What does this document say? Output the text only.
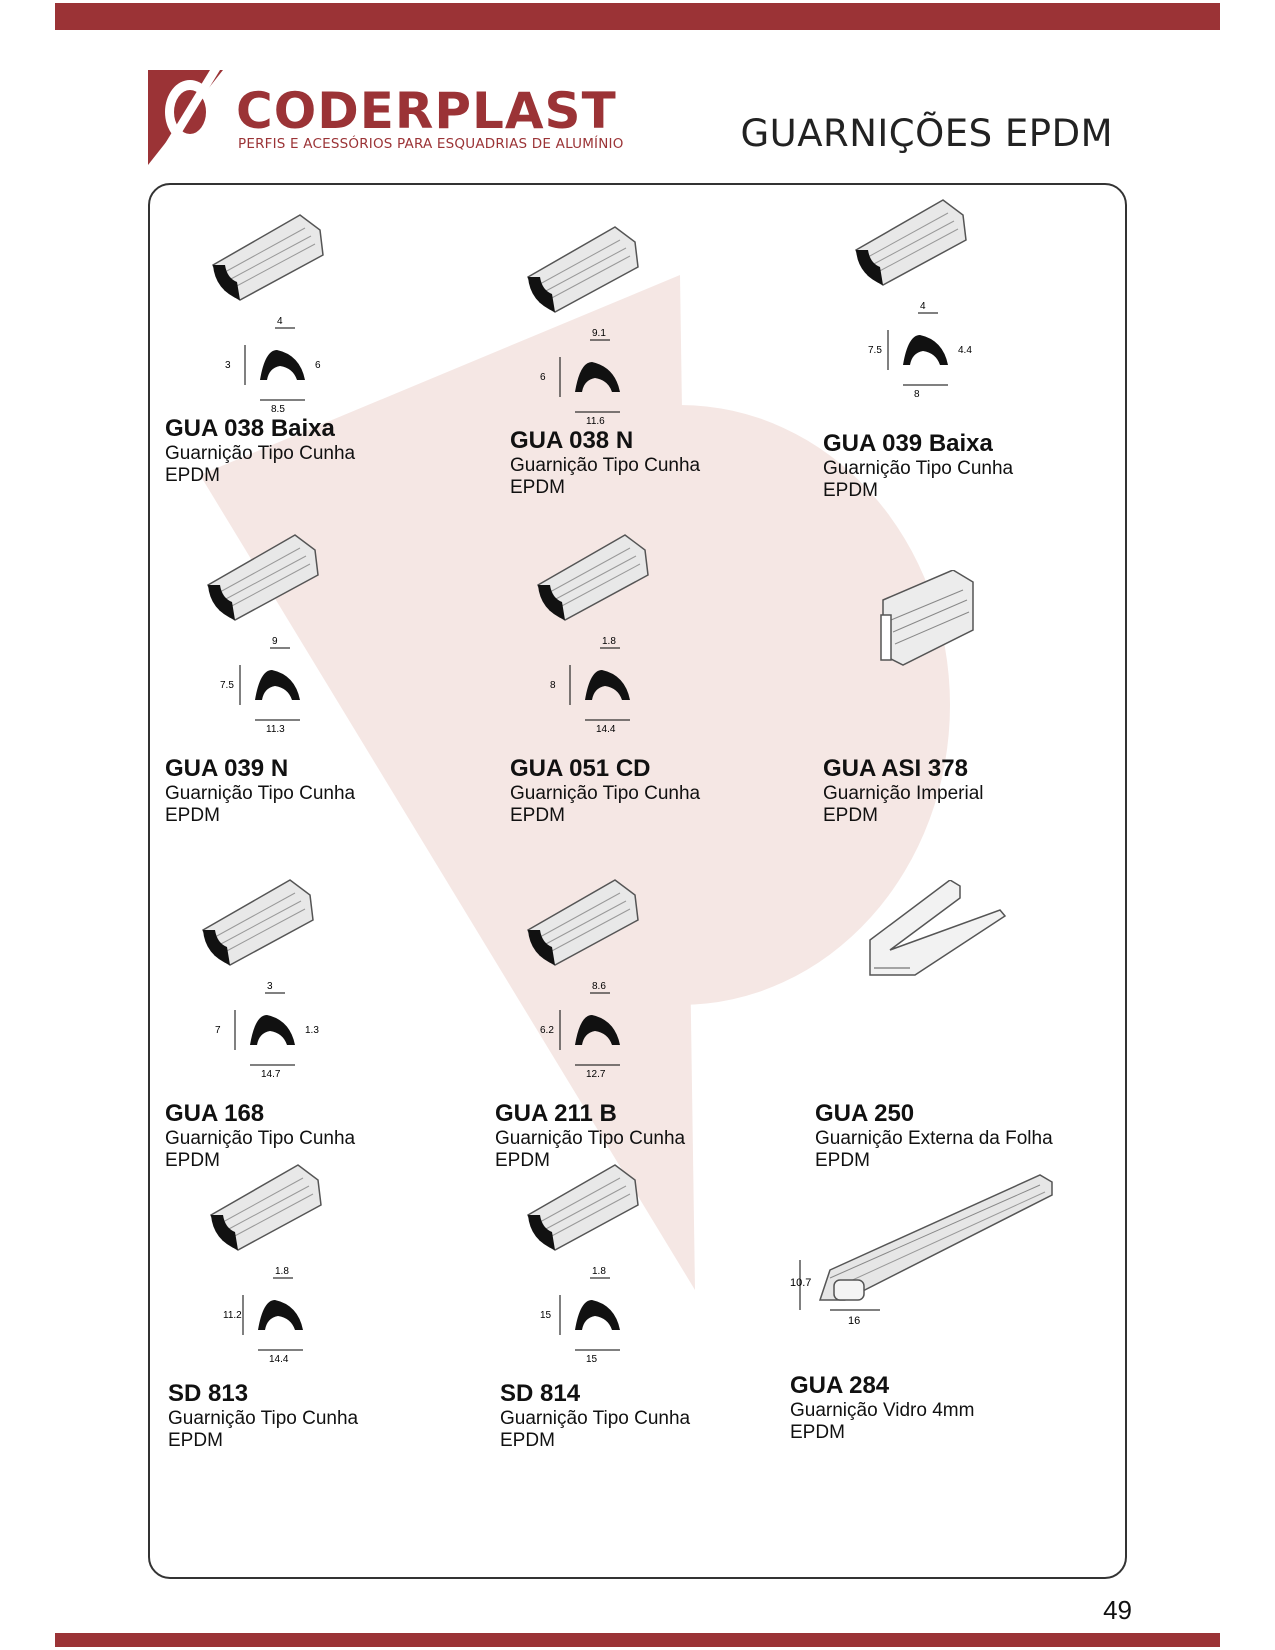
CODERPLAST
PERFIS E ACESSÓRIOS PARA ESQUADRIAS DE ALUMÍNIO	GUARNIÇÕES EPDM
4
3	6
8.5
GUA 038 Baixa
Guarnição Tipo Cunha
EPDM
9.1
6
11.6
GUA 038 N
Guarnição Tipo Cunha
EPDM
4
7.5	4.4
8
GUA 039 Baixa
Guarnição Tipo Cunha
EPDM
9
7.5
11.3
GUA 039 N
Guarnição Tipo Cunha
EPDM
1.8
8
14.4
GUA 051 CD
Guarnição Tipo Cunha
EPDM
GUA ASI 378
Guarnição Imperial
EPDM
3
7	1.3
14.7
GUA 168
Guarnição Tipo Cunha
EPDM
8.6
6.2
12.7
GUA 211 B
Guarnição Tipo Cunha
EPDM
GUA 250
Guarnição Externa da Folha
EPDM
1.8
11.2
14.4
SD 813
Guarnição Tipo Cunha
EPDM
1.8
15
15
SD 814
Guarnição Tipo Cunha
EPDM
10.7
16
GUA 284
Guarnição Vidro 4mm
EPDM
49
